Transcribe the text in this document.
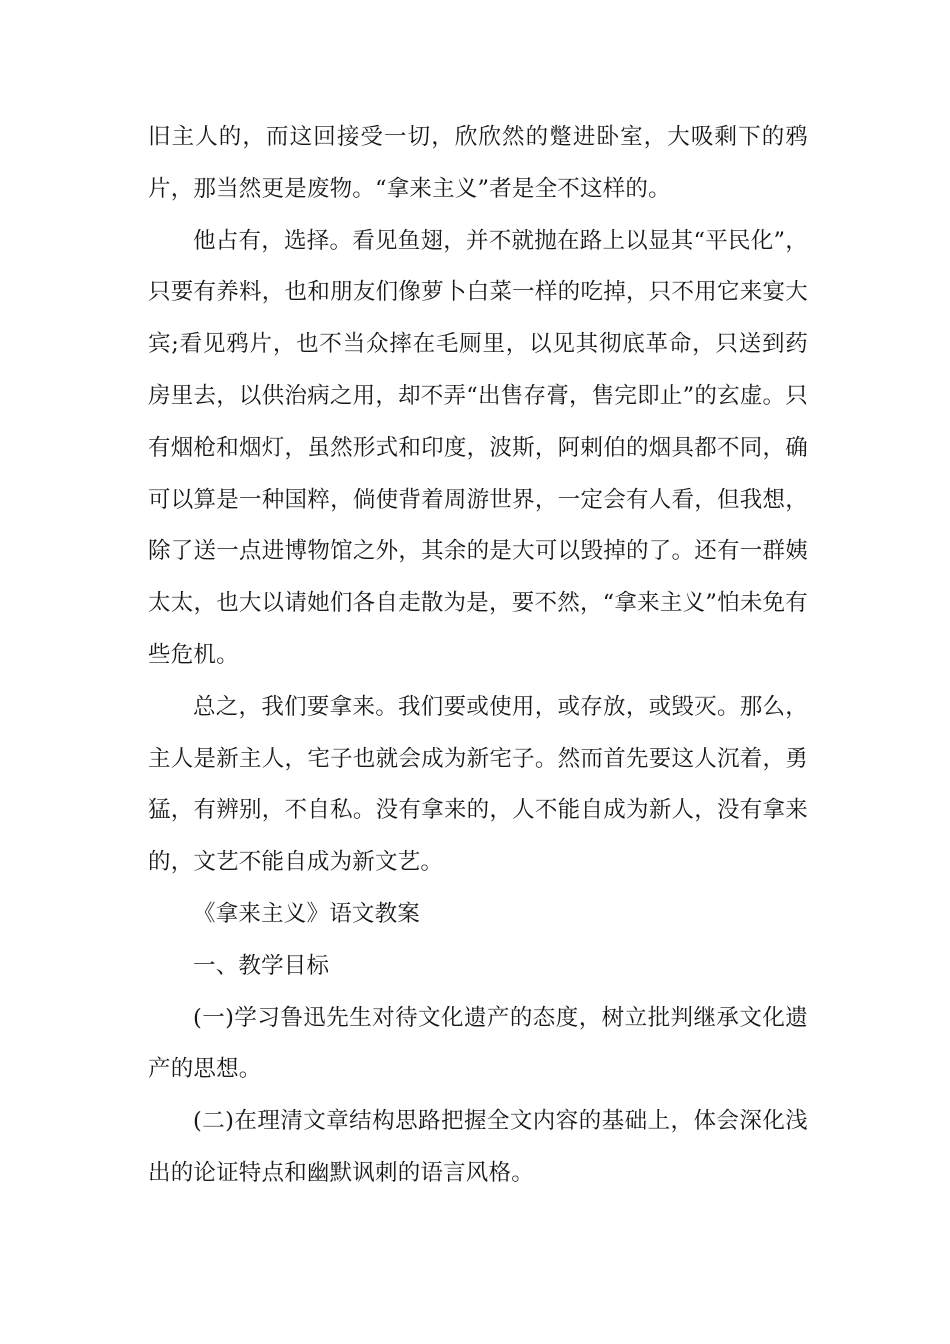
旧主人的，而这回接受一切，欣欣然的蹩进卧室，大吸剩下的鸦片，那当然更是废物。“拿来主义”者是全不这样的。

他占有，选择。看见鱼翅，并不就抛在路上以显其“平民化”，只要有养料，也和朋友们像萝卜白菜一样的吃掉，只不用它来宴大宾;看见鸦片，也不当众摔在毛厕里，以见其彻底革命，只送到药房里去，以供治病之用，却不弄“出售存膏，售完即止”的玄虚。只有烟枪和烟灯，虽然形式和印度，波斯，阿剌伯的烟具都不同，确可以算是一种国粹，倘使背着周游世界，一定会有人看，但我想，除了送一点进博物馆之外，其余的是大可以毁掉的了。还有一群姨太太，也大以请她们各自走散为是，要不然，“拿来主义”怕未免有些危机。

总之，我们要拿来。我们要或使用，或存放，或毁灭。那么，主人是新主人，宅子也就会成为新宅子。然而首先要这人沉着，勇猛，有辨别，不自私。没有拿来的，人不能自成为新人，没有拿来的，文艺不能自成为新文艺。

《拿来主义》语文教案

一、教学目标

(一)学习鲁迅先生对待文化遗产的态度，树立批判继承文化遗产的思想。

(二)在理清文章结构思路把握全文内容的基础上，体会深化浅出的论证特点和幽默讽刺的语言风格。
